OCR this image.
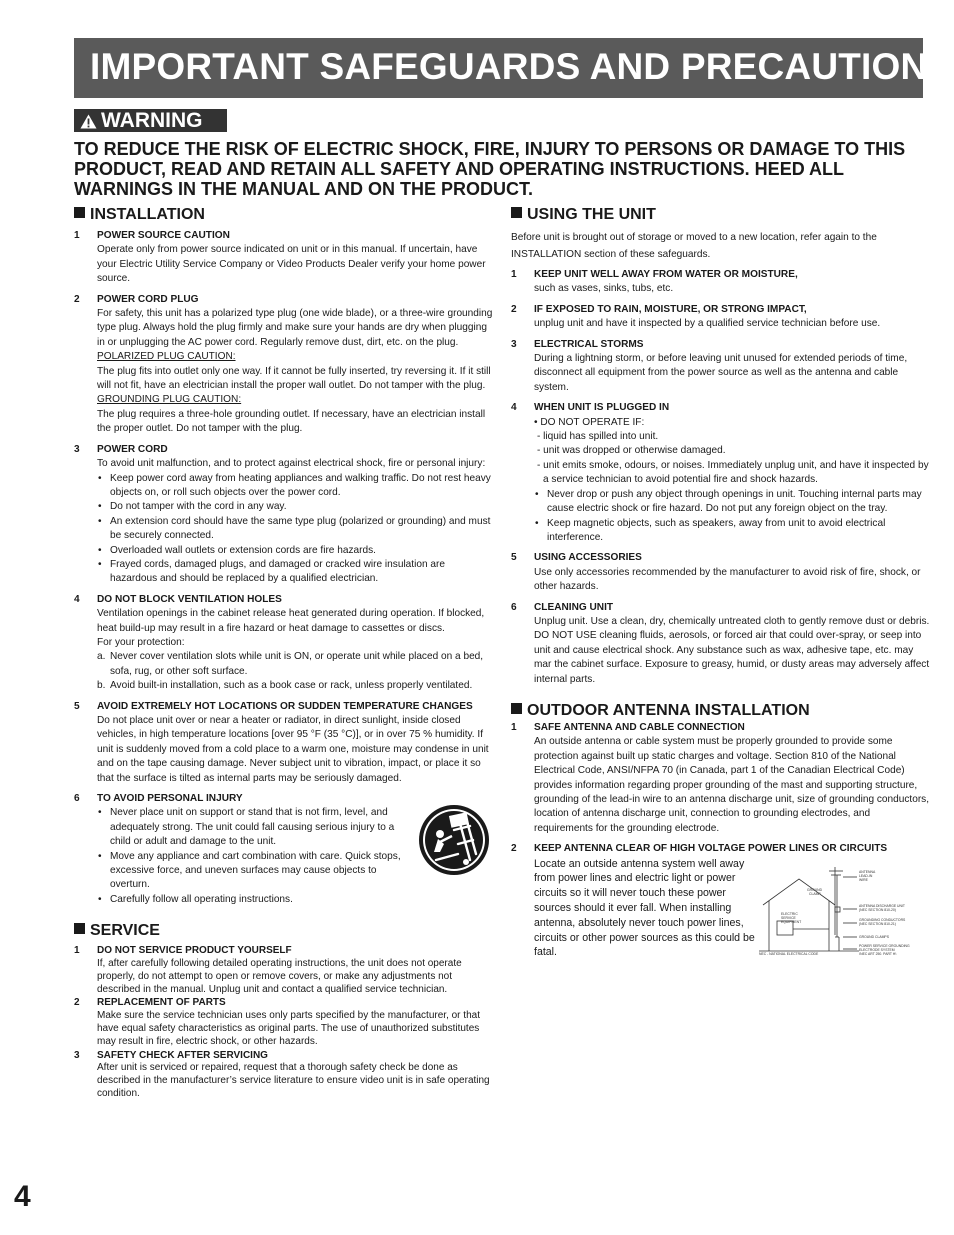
IMPORTANT SAFEGUARDS AND PRECAUTIONS
WARNING
TO REDUCE THE RISK OF ELECTRIC SHOCK, FIRE, INJURY TO PERSONS OR DAMAGE TO THIS PRODUCT, READ AND RETAIN ALL SAFETY AND OPERATING INSTRUCTIONS. HEED ALL WARNINGS IN THE MANUAL AND ON THE PRODUCT.
INSTALLATION
1 POWER SOURCE CAUTION

Operate only from power source indicated on unit or in this manual. If uncertain, have your Electric Utility Service Company or Video Products Dealer verify your home power source.

2 POWER CORD PLUG

For safety, this unit has a polarized type plug (one wide blade), or a three-wire grounding type plug. Always hold the plug firmly and make sure your hands are dry when plugging in or unplugging the AC power cord. Regularly remove dust, dirt, etc. on the plug.

POLARIZED PLUG CAUTION:

The plug fits into outlet only one way. If it cannot be fully inserted, try reversing it. If it still will not fit, have an electrician install the proper wall outlet. Do not tamper with the plug.

GROUNDING PLUG CAUTION:

The plug requires a three-hole grounding outlet. If necessary, have an electrician install the proper outlet. Do not tamper with the plug.

3 POWER CORD

To avoid unit malfunction, and to protect against electrical shock, fire or personal injury:

• Keep power cord away from heating appliances and walking traffic. Do not rest heavy objects on, or roll such objects over the power cord.
• Do not tamper with the cord in any way.
• An extension cord should have the same type plug (polarized or grounding) and must be securely connected.
• Overloaded wall outlets or extension cords are fire hazards.
• Frayed cords, damaged plugs, and damaged or cracked wire insulation are hazardous and should be replaced by a qualified electrician.
4 DO NOT BLOCK VENTILATION HOLES

Ventilation openings in the cabinet release heat generated during operation. If blocked, heat build-up may result in a fire hazard or heat damage to cassettes or discs.

For your protection:

a. Never cover ventilation slots while unit is ON, or operate unit while placed on a bed, sofa, rug, or other soft surface.
b. Avoid built-in installation, such as a book case or rack, unless properly ventilated.
5 AVOID EXTREMELY HOT LOCATIONS OR SUDDEN TEMPERATURE CHANGES

Do not place unit over or near a heater or radiator, in direct sunlight, inside closed vehicles, in high temperature locations [over 95 °F (35 °C)], or in over 75 % humidity. If unit is suddenly moved from a cold place to a warm one, moisture may condense in unit and on the tape causing damage. Never subject unit to vibration, impact, or place it so that the surface is tilted as internal parts may be seriously damaged.

6 TO AVOID PERSONAL INJURY
• Never place unit on support or stand that is not firm, level, and adequately strong. The unit could fall causing serious injury to a child or adult and damage to the unit.
• Move any appliance and cart combination with care. Quick stops, excessive force, and uneven surfaces may cause objects to overturn.
• Carefully follow all operating instructions.
SERVICE
1 DO NOT SERVICE PRODUCT YOURSELF

If, after carefully following detailed operating instructions, the unit does not operate properly, do not attempt to open or remove covers, or make any adjustments not described in the manual. Unplug unit and contact a qualified service technician.

2 REPLACEMENT OF PARTS

Make sure the service technician uses only parts specified by the manufacturer, or that have equal safety characteristics as original parts. The use of unauthorized substitutes may result in fire, electric shock, or other hazards.

3 SAFETY CHECK AFTER SERVICING

After unit is serviced or repaired, request that a thorough safety check be done as described in the manufacturer’s service literature to ensure video unit is in safe operating condition.

USING THE UNIT

Before unit is brought out of storage or moved to a new location, refer again to the INSTALLATION section of these safeguards.

1 KEEP UNIT WELL AWAY FROM WATER OR MOISTURE,

such as vases, sinks, tubs, etc.

2 IF EXPOSED TO RAIN, MOISTURE, OR STRONG IMPACT,

unplug unit and have it inspected by a qualified service technician before use.

3 ELECTRICAL STORMS

During a lightning storm, or before leaving unit unused for extended periods of time, disconnect all equipment from the power source as well as the antenna and cable system.

4 WHEN UNIT IS PLUGGED IN

• DO NOT OPERATE IF:

- liquid has spilled into unit.

- unit was dropped or otherwise damaged.

- unit emits smoke, odours, or noises. Immediately unplug unit, and have it inspected by a service technician to avoid potential fire and shock hazards.

• Never drop or push any object through openings in unit. Touching internal parts may cause electric shock or fire hazard. Do not put any foreign object on the tray.
• Keep magnetic objects, such as speakers, away from unit to avoid electrical interference.
5 USING ACCESSORIES

Use only accessories recommended by the manufacturer to avoid risk of fire, shock, or other hazards.

6 CLEANING UNIT

Unplug unit. Use a clean, dry, chemically untreated cloth to gently remove dust or debris. DO NOT USE cleaning fluids, aerosols, or forced air that could over-spray, or seep into unit and cause electrical shock. Any substance such as wax, adhesive tape, etc. may mar the cabinet surface. Exposure to greasy, humid, or dusty areas may adversely affect internal parts.

OUTDOOR ANTENNA INSTALLATION
1 SAFE ANTENNA AND CABLE CONNECTION

An outside antenna or cable system must be properly grounded to provide some protection against built up static charges and voltage. Section 810 of the National Electrical Code, ANSI/NFPA 70 (in Canada, part 1 of the Canadian Electrical Code) provides information regarding proper grounding of the mast and supporting structure, grounding of the lead-in wire to an antenna discharge unit, size of grounding conductors, location of antenna discharge unit, connection to grounding electrodes, and requirements for the grounding electrode.

2 KEEP ANTENNA CLEAR OF HIGH VOLTAGE POWER LINES OR CIRCUITS
ANTENNA
LEAD-IN
WIRE
GROUND
CLAMP
ANTENNA DISCHARGE UNIT
(NEC SECTION 810-20)
GROUNDING CONDUCTORS
(NEC SECTION 810-21)
GROUND CLAMPS
ELECTRIC
SERVICE
EQUIPMENT
POWER SERVICE GROUNDING
ELECTRODE SYSTEM
(NEC ART 250, PART H)
NEC - NATIONAL ELECTRICAL CODE

Locate an outside antenna system well away from power lines and electric light or power circuits so it will never touch these power sources should it ever fall. When installing antenna, absolutely never touch power lines, circuits or other power sources as this could be fatal.

4
